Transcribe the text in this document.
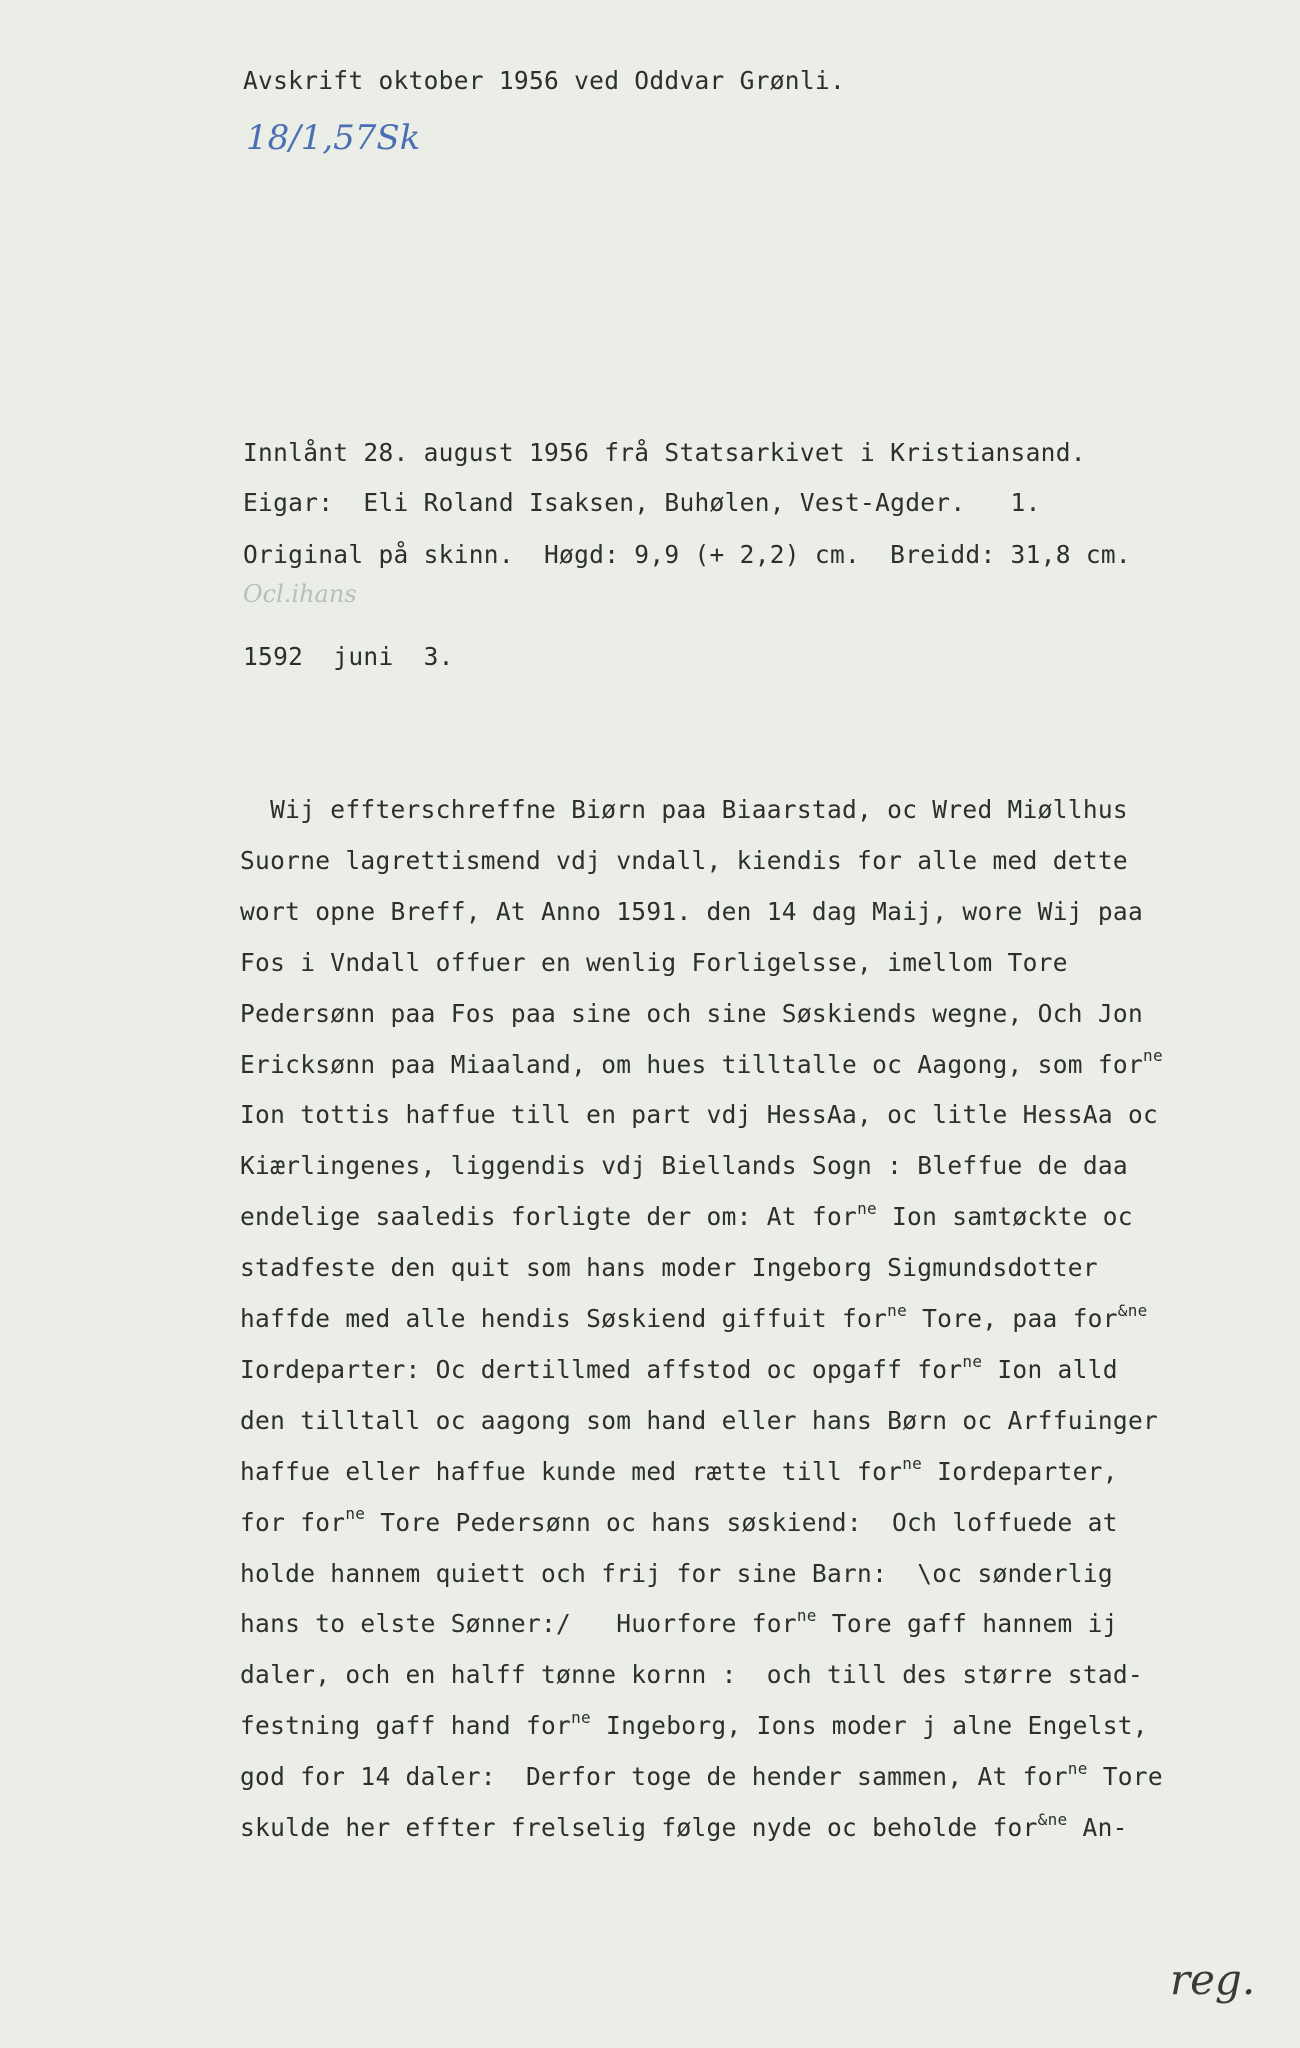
Avskrift oktober 1956 ved Oddvar Grønli.
18/1,57Sk
Innlånt 28. august 1956 frå Statsarkivet i Kristiansand.
Eigar:  Eli Roland Isaksen, Buhølen, Vest-Agder.   1.
Original på skinn.  Høgd: 9,9 (+ 2,2) cm.  Breidd: 31,8 cm.
Ocl.ihans
1592  juni  3.
Wij effterschreffne Biørn paa Biaarstad, oc Wred Miøllhus
Suorne lagrettismend vdj vndall, kiendis for alle med dette
wort opne Breff, At Anno 1591. den 14 dag Maij, wore Wij paa
Fos i Vndall offuer en wenlig Forligelsse, imellom Tore
Pedersønn paa Fos paa sine och sine Søskiends wegne, Och Jon
Ericksønn paa Miaaland, om hues tilltalle oc Aagong, som for$^{ne}$
Ion tottis haffue till en part vdj HessAa, oc litle HessAa oc
Kiærlingenes, liggendis vdj Biellands Sogn : Bleffue de daa
endelige saaledis forligte der om: At for$^{ne}$ Ion samtøckte oc
stadfeste den quit som hans moder Ingeborg Sigmundsdotter
haffde med alle hendis Søskiend giffuit for$^{ne}$ Tore, paa for$^{\&ne}$
Iordeparter: Oc dertillmed affstod oc opgaff for$^{ne}$ Ion alld
den tilltall oc aagong som hand eller hans Børn oc Arffuinger
haffue eller haffue kunde med rætte till for$^{ne}$ Iordeparter,
for for$^{ne}$ Tore Pedersønn oc hans søskiend:  Och loffuede at
holde hannem quiett och frij for sine Barn:  \oc sønderlig
hans to elste Sønner:/   Huorfore for$^{ne}$ Tore gaff hannem ij
daler, och en halff tønne kornn :  och till des større stad-
festning gaff hand for$^{ne}$ Ingeborg, Ions moder j alne Engelst,
god for 14 daler:  Derfor toge de hender sammen, At for$^{ne}$ Tore
skulde her effter frelselig følge nyde oc beholde for$^{\&ne}$ An-
reg.
